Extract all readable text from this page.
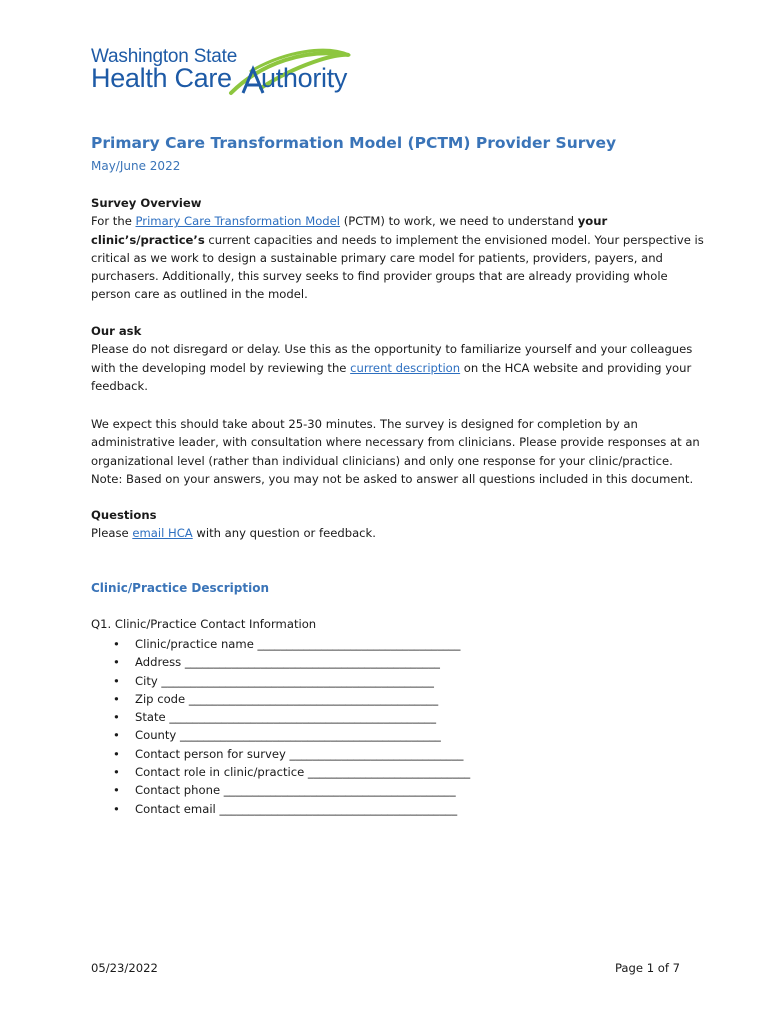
Washington State
Health Care uthority
Primary Care Transformation Model (PCTM) Provider Survey
May/June 2022
Survey Overview
For the Primary Care Transformation Model (PCTM) to work, we need to understand your
clinic’s/practice’s current capacities and needs to implement the envisioned model. Your perspective is
critical as we work to design a sustainable primary care model for patients, providers, payers, and
purchasers. Additionally, this survey seeks to find provider groups that are already providing whole
person care as outlined in the model.
Our ask
Please do not disregard or delay. Use this as the opportunity to familiarize yourself and your colleagues
with the developing model by reviewing the current description on the HCA website and providing your
feedback.
We expect this should take about 25-30 minutes. The survey is designed for completion by an
administrative leader, with consultation where necessary from clinicians. Please provide responses at an
organizational level (rather than individual clinicians) and only one response for your clinic/practice.
Note: Based on your answers, you may not be asked to answer all questions included in this document.
Questions
Please email HCA with any question or feedback.
Clinic/Practice Description
Q1. Clinic/Practice Contact Information
• Clinic/practice name ___________________________________
• Address ____________________________________________
• City _______________________________________________
• Zip code ___________________________________________
• State ______________________________________________
• County _____________________________________________
• Contact person for survey ______________________________
• Contact role in clinic/practice ____________________________
• Contact phone ________________________________________
• Contact email _________________________________________
05/23/2022	Page 1 of 7
